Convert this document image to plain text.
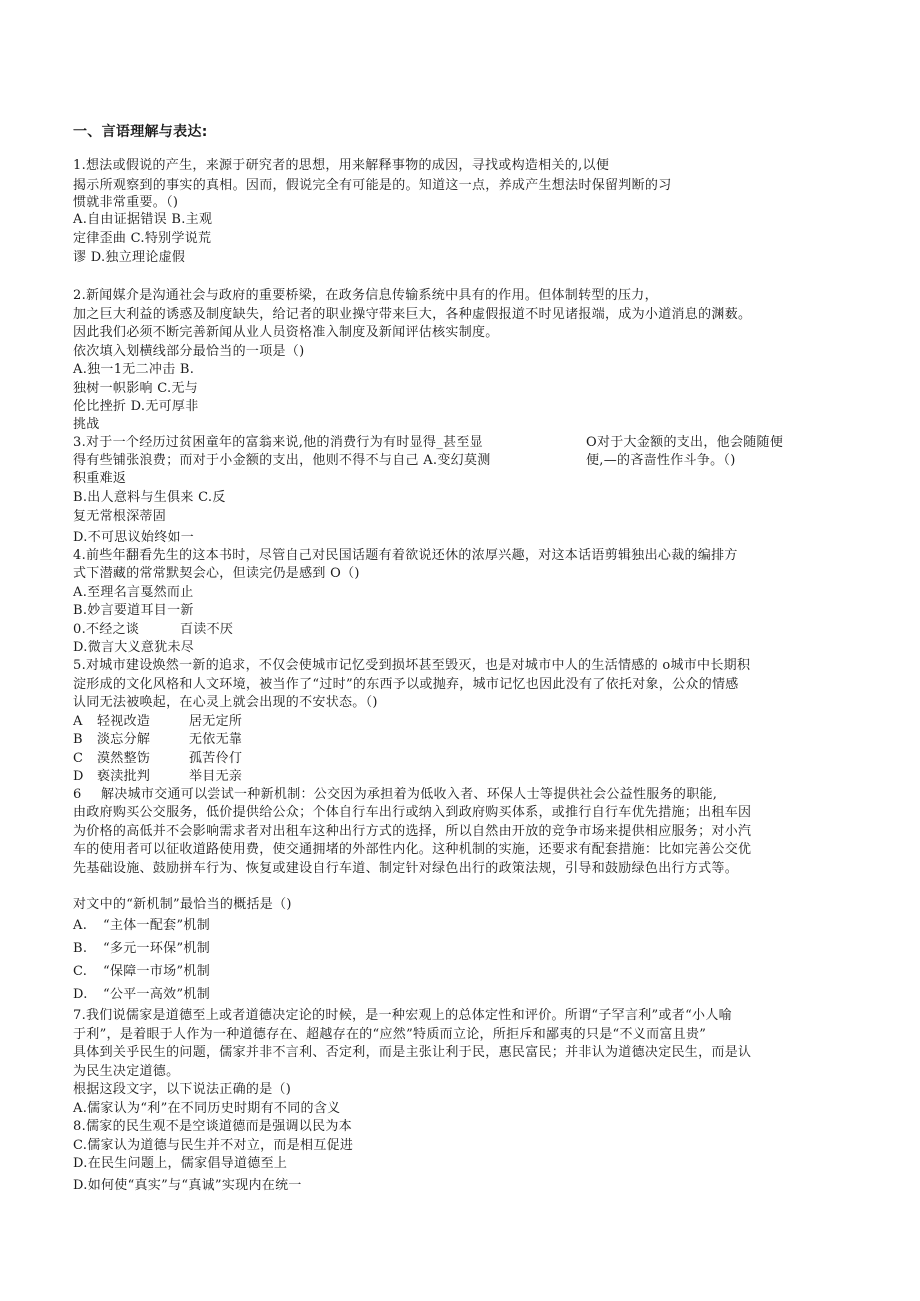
一、言语理解与表达:
1.想法或假说的产生，来源于研究者的思想，用来解释事物的成因，寻找或构造相关的,以便
揭示所观察到的事实的真相。因而，假说完全有可能是的。知道这一点，养成产生想法时保留判断的习
惯就非常重要。（)
A.自由证据错误 B.主观
定律歪曲 C.特别学说荒
谬 D.独立理论虚假
2.新闻媒介是沟通社会与政府的重要桥梁，在政务信息传输系统中具有的作用。但体制转型的压力，
加之巨大利益的诱惑及制度缺失，给记者的职业操守带来巨大，各种虚假报道不时见诸报端，成为小道消息的渊薮。
因此我们必须不断完善新闻从业人员资格准入制度及新闻评估核实制度。
依次填入划横线部分最恰当的一项是（)
A.独一1无二冲击 B.
独树一帜影响 C.无与
伦比挫折 D.无可厚非
挑战
3.对于一个经历过贫困童年的富翁来说,他的消费行为有时显得_甚至显	O对于大金额的支出，他会随随便
得有些铺张浪费；而对于小金额的支出，他则不得不与自己 A.变幻莫测	便,—的吝啬性作斗争。（)
积重难返
B.出人意料与生俱来 C.反
复无常根深蒂固
D.不可思议始终如一
4.前些年翻看先生的这本书时，尽管自己对民国话题有着欲说还休的浓厚兴趣，对这本话语剪辑独出心裁的编排方
式下潜藏的常常默契会心，但读完仍是感到 O（)
A.至理名言戛然而止
B.妙言要道耳目一新
0.不经之谈	百读不厌
D.微言大义意犹未尽
5.对城市建设焕然一新的追求，不仅会使城市记忆受到损坏甚至毁灭，也是对城市中人的生活情感的 o城市中长期积
淀形成的文化风格和人文环境，被当作了“过时”的东西予以或抛弃，城市记忆也因此没有了依托对象，公众的情感
认同无法被唤起，在心灵上就会出现的不安状态。（)
A 轻视改造	居无定所
B 淡忘分解	无依无靠
C 漠然整饬	孤苦伶仃
D 亵渎批判	举目无亲
6 解决城市交通可以尝试一种新机制：公交因为承担着为低收入者、环保人士等提供社会公益性服务的职能,
由政府购买公交服务，低价提供给公众；个体自行车出行或纳入到政府购买体系，或推行自行车优先措施；出租车因
为价格的高低并不会影响需求者对出租车这种出行方式的选择，所以自然由开放的竞争市场来提供相应服务；对小汽
车的使用者可以征收道路使用费，使交通拥堵的外部性内化。这种机制的实施，还要求有配套措施：比如完善公交优
先基础设施、鼓励拼车行为、恢复或建设自行车道、制定针对绿色出行的政策法规，引导和鼓励绿色出行方式等。
对文中的“新机制”最恰当的概括是（)
A. “主体一配套”机制
B. “多元一环保”机制
C. “保障一市场”机制
D. “公平一高效”机制
7.我们说儒家是道德至上或者道德决定论的时候，是一种宏观上的总体定性和评价。所谓“子罕言利”或者“小人喻
于利”，是着眼于人作为一种道德存在、超越存在的“应然”特质而立论，所拒斥和鄙夷的只是“不义而富且贵”
具体到关乎民生的问题，儒家并非不言利、否定利，而是主张让利于民，惠民富民；并非认为道德决定民生，而是认
为民生决定道德。
根据这段文字，以下说法正确的是（)
A.儒家认为“利”在不同历史时期有不同的含义
8.儒家的民生观不是空谈道德而是强调以民为本
C.儒家认为道德与民生并不对立，而是相互促进
D.在民生问题上，儒家倡导道德至上
D.如何使“真实”与“真诚”实现内在统一
